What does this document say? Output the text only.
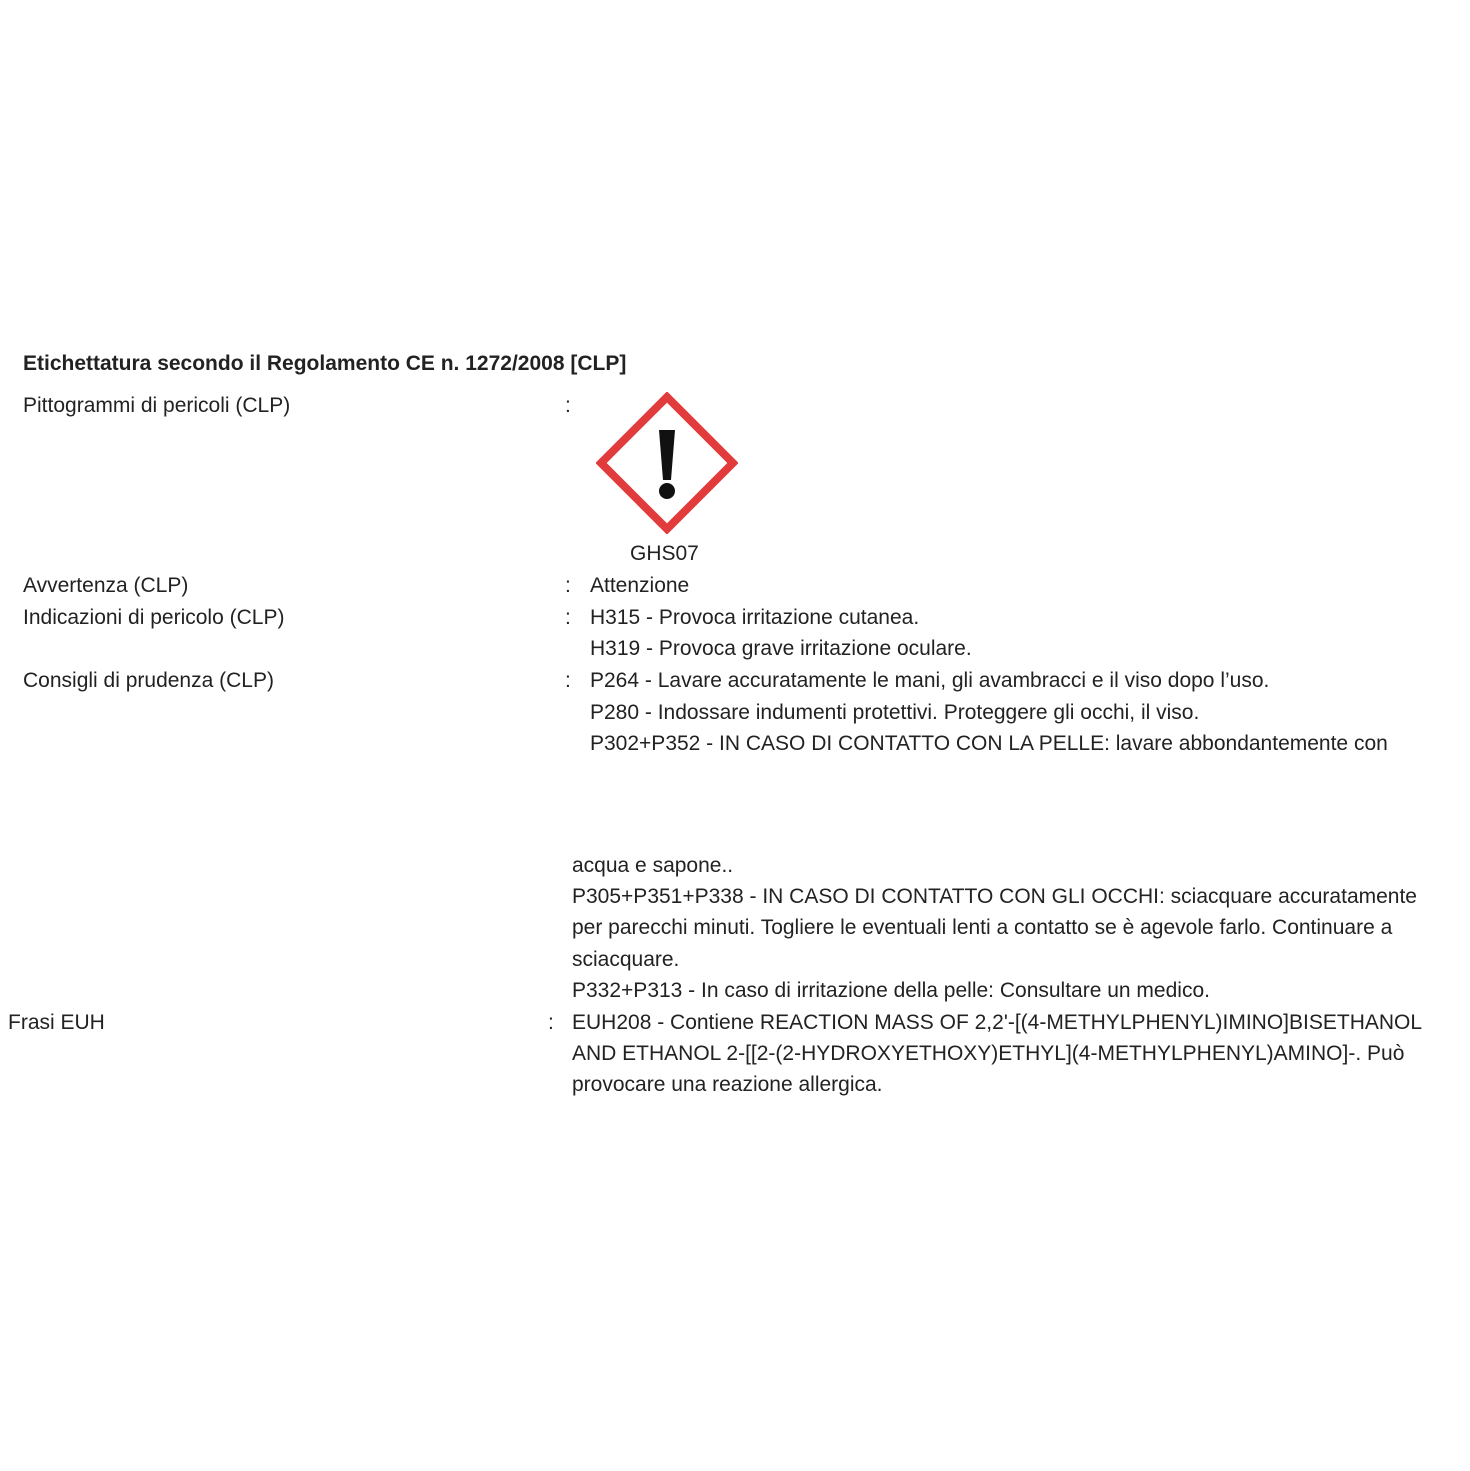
Etichettatura secondo il Regolamento CE n. 1272/2008 [CLP]
Pittogrammi di pericoli (CLP)	:
GHS07
Avvertenza (CLP)	: Attenzione
Indicazioni di pericolo (CLP)	: H315 - Provoca irritazione cutanea.
H319 - Provoca grave irritazione oculare.
Consigli di prudenza (CLP)	: P264 - Lavare accuratamente le mani, gli avambracci e il viso dopo l’uso.
P280 - Indossare indumenti protettivi. Proteggere gli occhi, il viso.
P302+P352 - IN CASO DI CONTATTO CON LA PELLE: lavare abbondantemente con
acqua e sapone..
P305+P351+P338 - IN CASO DI CONTATTO CON GLI OCCHI: sciacquare accuratamente
per parecchi minuti. Togliere le eventuali lenti a contatto se è agevole farlo. Continuare a
sciacquare.
P332+P313 - In caso di irritazione della pelle: Consultare un medico.
Frasi EUH	: EUH208 - Contiene REACTION MASS OF 2,2'-[(4-METHYLPHENYL)IMINO]BISETHANOL
AND ETHANOL 2-[[2-(2-HYDROXYETHOXY)ETHYL](4-METHYLPHENYL)AMINO]-. Può
provocare una reazione allergica.
